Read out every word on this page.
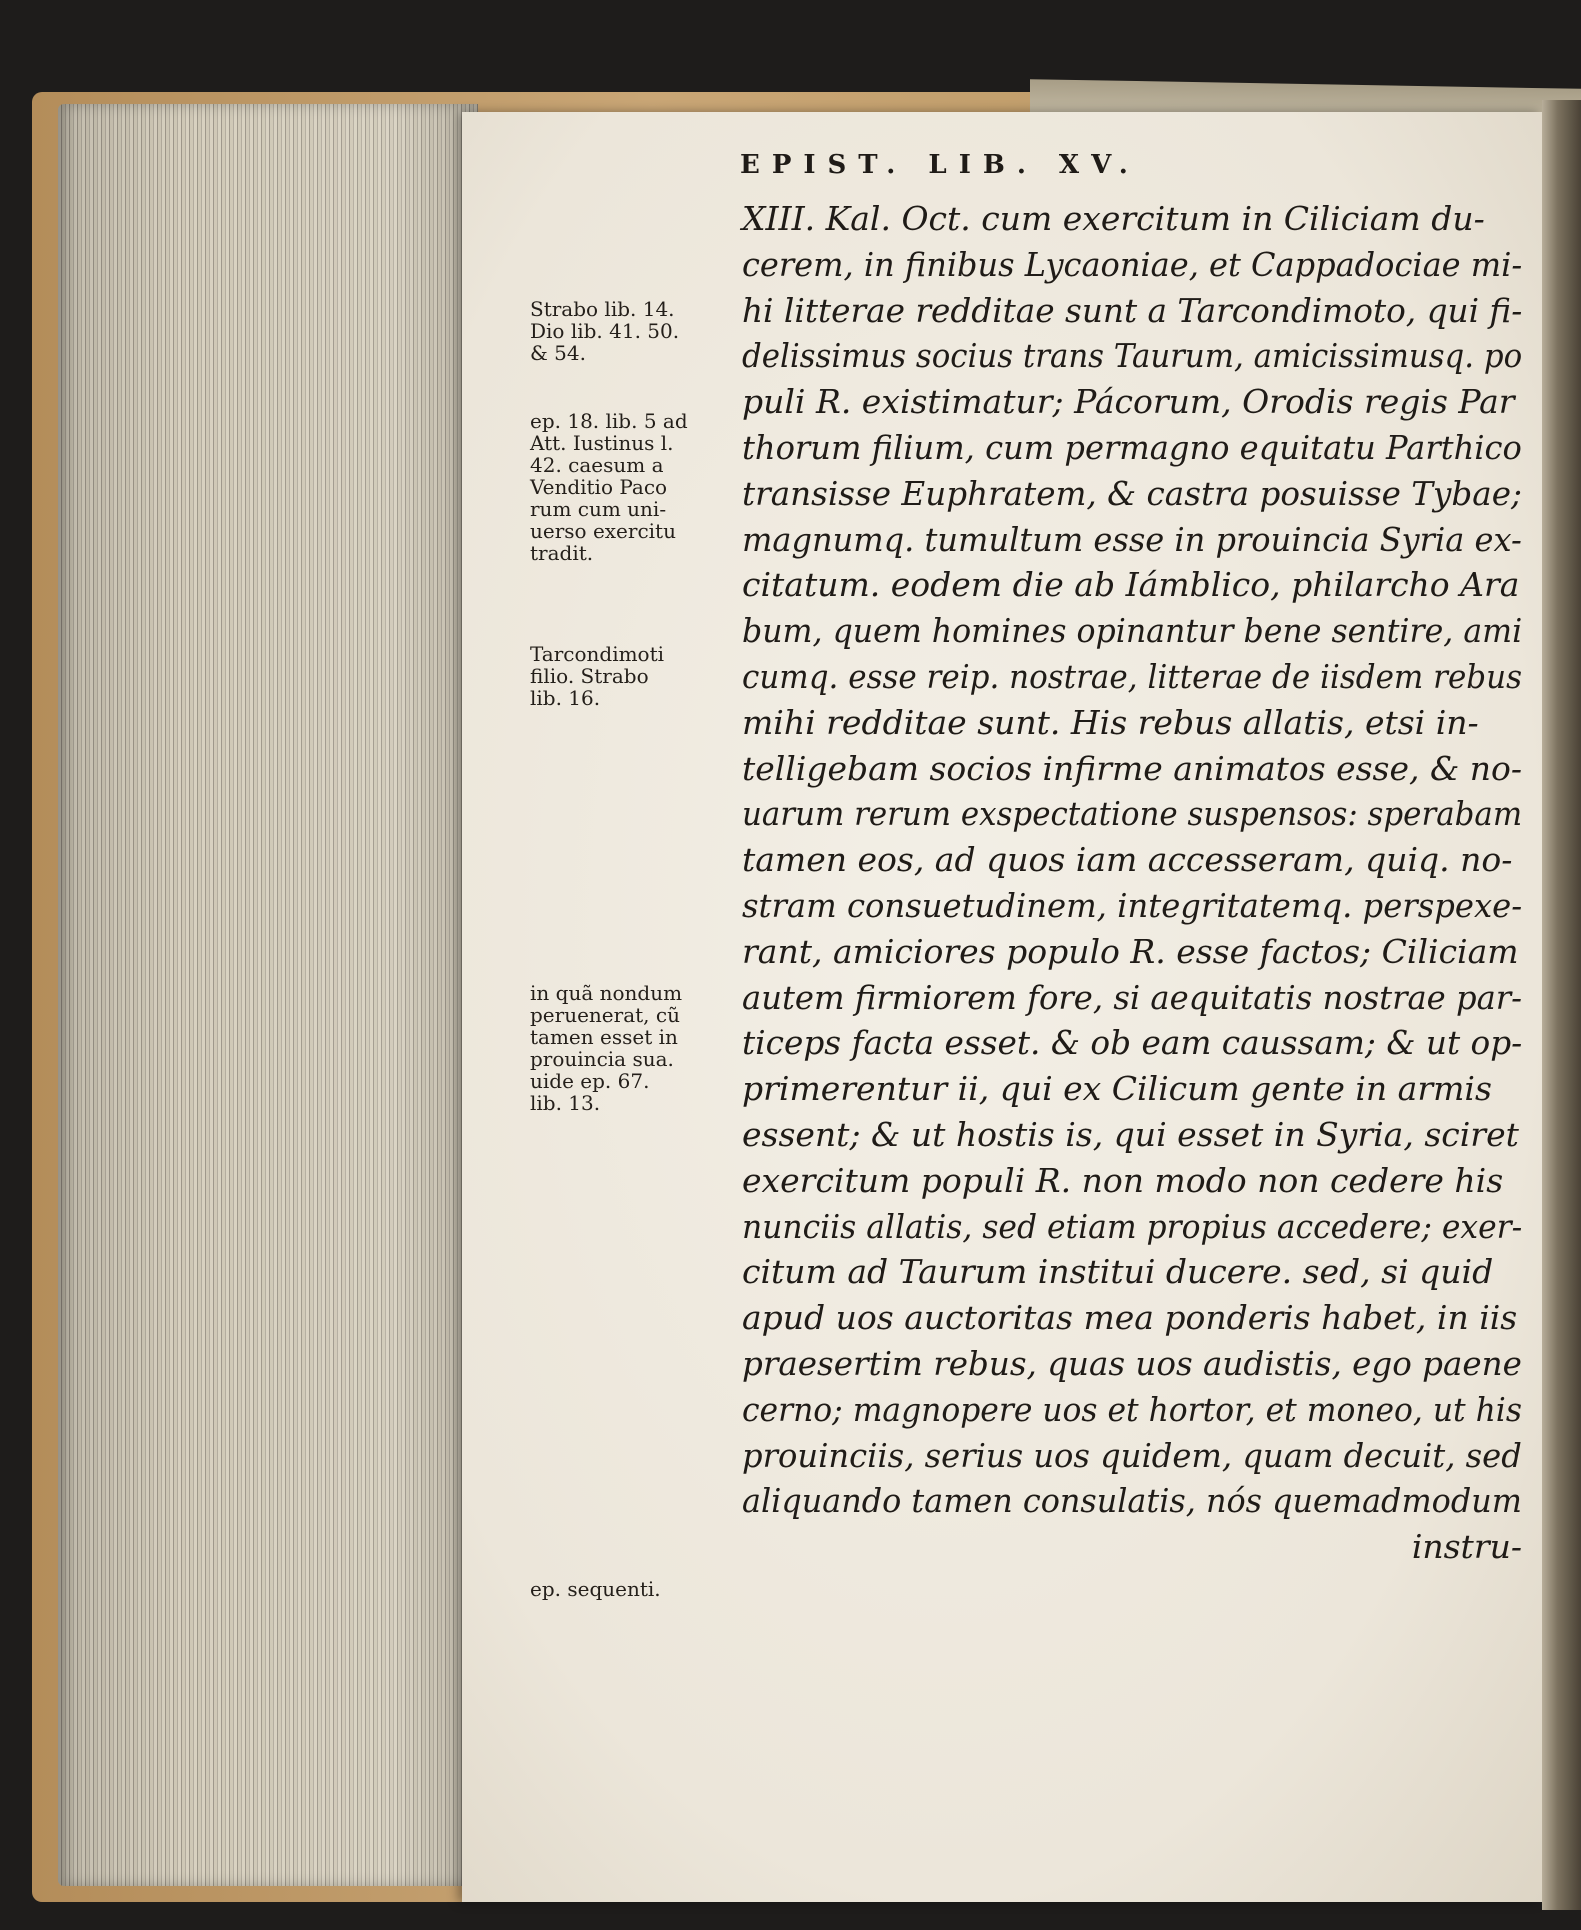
EPIST. LIB. XV.
XIII. Kal. Oct. cum exercitum in Ciliciam du-
cerem, in finibus Lycaoniae, et Cappadociae mi-
hi litterae redditae sunt a Tarcondimoto, qui fi-
delissimus socius trans Taurum, amicissimusq. po
puli R. existimatur; Pácorum, Orodis regis Par
thorum filium, cum permagno equitatu Parthico
transisse Euphratem, & castra posuisse Tybae;
magnumq. tumultum esse in prouincia Syria ex-
citatum. eodem die ab Iámblico, philarcho Ara
bum, quem homines opinantur bene sentire, ami
cumq. esse reip. nostrae, litterae de iisdem rebus
mihi redditae sunt. His rebus allatis, etsi in-
telligebam socios infirme animatos esse, & no-
uarum rerum exspectatione suspensos: sperabam
tamen eos, ad quos iam accesseram, quiq. no-
stram consuetudinem, integritatemq. perspexe-
rant, amiciores populo R. esse factos; Ciliciam
autem firmiorem fore, si aequitatis nostrae par-
ticeps facta esset. & ob eam caussam; & ut op-
primerentur ii, qui ex Cilicum gente in armis
essent; & ut hostis is, qui esset in Syria, sciret
exercitum populi R. non modo non cedere his
nunciis allatis, sed etiam propius accedere; exer-
citum ad Taurum institui ducere. sed, si quid
apud uos auctoritas mea ponderis habet, in iis
praesertim rebus, quas uos audistis, ego paene
cerno; magnopere uos et hortor, et moneo, ut his
prouinciis, serius uos quidem, quam decuit, sed
aliquando tamen consulatis, nós quemadmodum
instru-
Strabo lib. 14.
Dio lib. 41. 50.
& 54.
ep. 18. lib. 5 ad
Att. Iustinus l.
42. caesum a
Venditio Paco
rum cum uni-
uerso exercitu
tradit.
Tarcondimoti
filio. Strabo
lib. 16.
in quã nondum
peruenerat, cũ
tamen esset in
prouincia sua.
uide ep. 67.
lib. 13.
ep. sequenti.
